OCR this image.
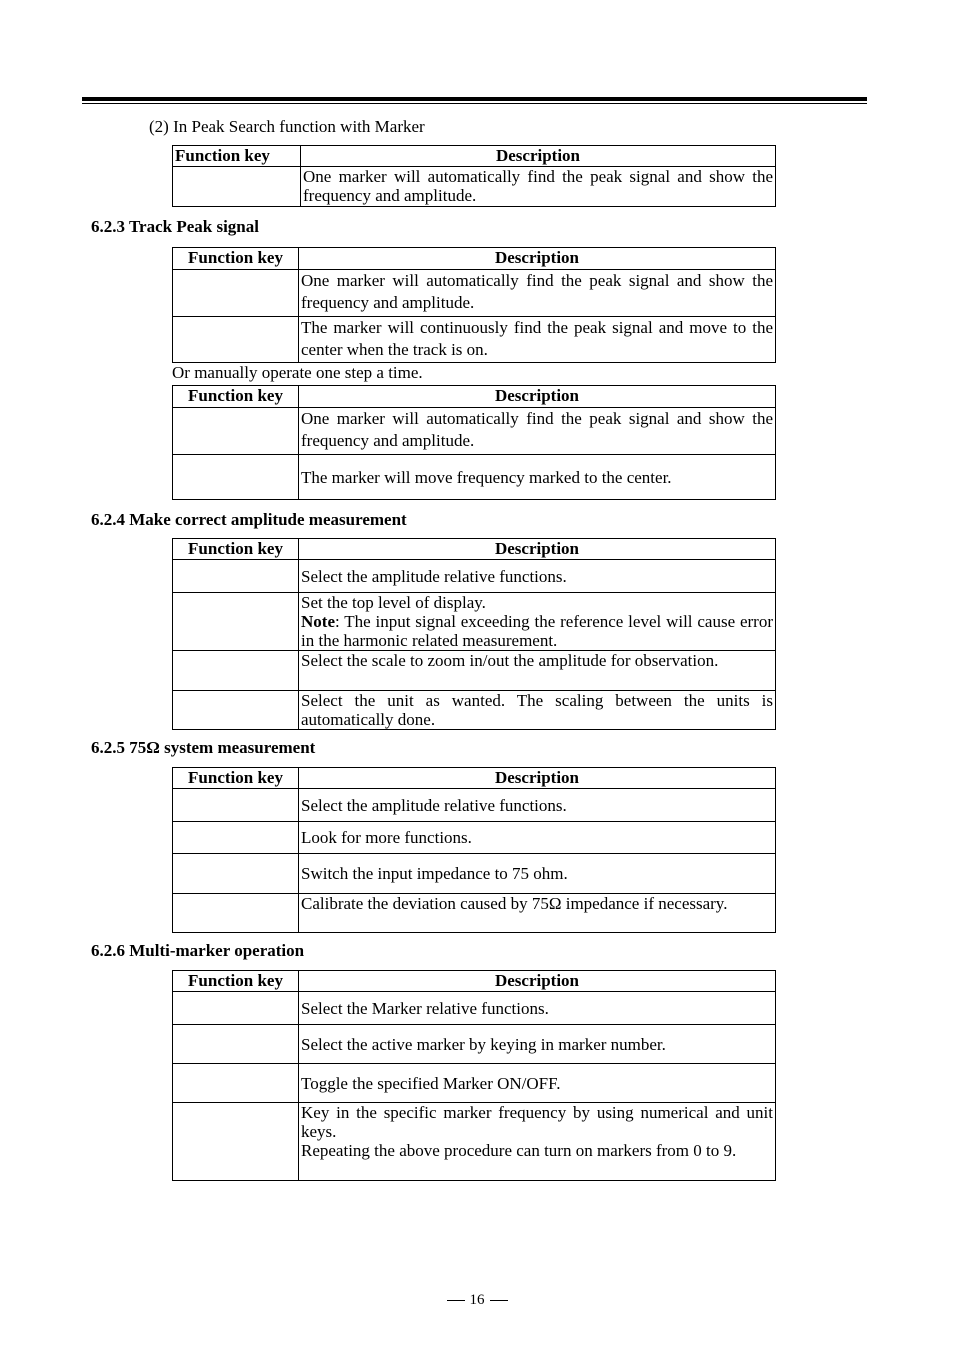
(2) In Peak Search function with Marker
Function key	Description
	One marker will automatically find the peak signal and show the frequency and amplitude.
6.2.3 Track Peak signal
Function key	Description
	One marker will automatically find the peak signal and show the frequency and amplitude.
	The marker will continuously find the peak signal and move to the center when the track is on.
Or manually operate one step a time.
Function key	Description
	One marker will automatically find the peak signal and show the frequency and amplitude.
	The marker will move frequency marked to the center.
6.2.4 Make correct amplitude measurement
Function key	Description
	Select the amplitude relative functions.

	Set the top level of display.
Note: The input signal exceeding the reference level will cause error in the harmonic related measurement.

	Select the scale to zoom in/out the amplitude for observation.
	Select the unit as wanted. The scaling between the units is automatically done.
6.2.5 75Ω system measurement
Function key	Description
	Select the amplitude relative functions.
	Look for more functions.
	Switch the input impedance to 75 ohm.
	Calibrate the deviation caused by 75Ω impedance if necessary.
6.2.6 Multi-marker operation
Function key	Description
	Select the Marker relative functions.
	Select the active marker by keying in marker number.
	Toggle the specified Marker ON/OFF.

	Key in the specific marker frequency by using numerical and unit keys.
Repeating the above procedure can turn on markers from 0 to 9.
16
